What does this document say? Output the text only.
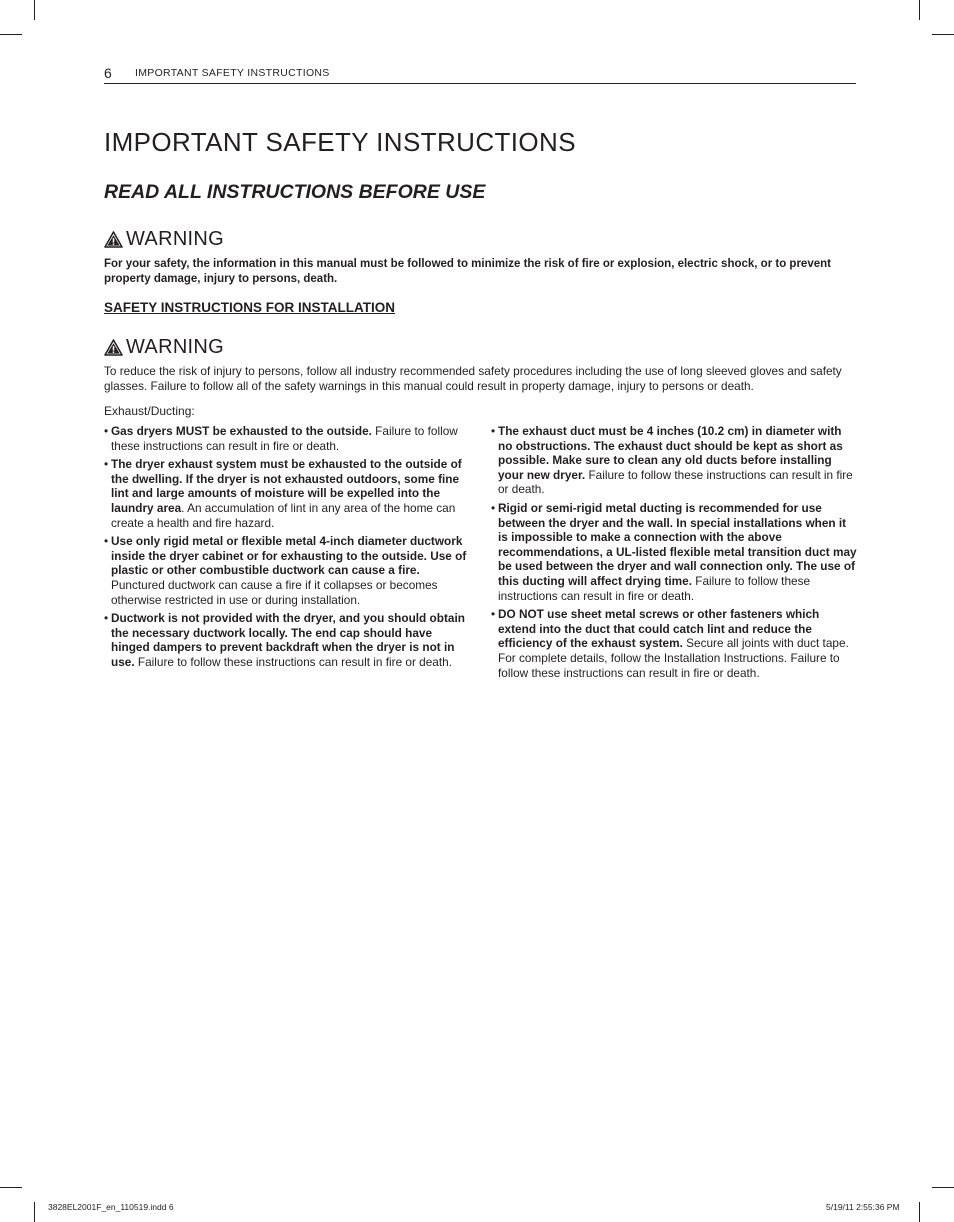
6 IMPORTANT SAFETY INSTRUCTIONS
IMPORTANT SAFETY INSTRUCTIONS
READ ALL INSTRUCTIONS BEFORE USE
WARNING

For your safety, the information in this manual must be followed to minimize the risk of fire or explosion, electric shock, or to prevent property damage, injury to persons, death.

SAFETY INSTRUCTIONS FOR INSTALLATION

WARNING

To reduce the risk of injury to persons, follow all industry recommended safety procedures including the use of long sleeved gloves and safety glasses. Failure to follow all of the safety warnings in this manual could result in property damage, injury to persons or death.

Exhaust/Ducting:

• Gas dryers MUST be exhausted to the outside. Failure to follow these instructions can result in fire or death.
• The dryer exhaust system must be exhausted to the outside of the dwelling. If the dryer is not exhausted outdoors, some fine lint and large amounts of moisture will be expelled into the laundry area. An accumulation of lint in any area of the home can create a health and fire hazard.
• Use only rigid metal or flexible metal 4-inch diameter ductwork inside the dryer cabinet or for exhausting to the outside. Use of plastic or other combustible ductwork can cause a fire. Punctured ductwork can cause a fire if it collapses or becomes otherwise restricted in use or during installation.
• Ductwork is not provided with the dryer, and you should obtain the necessary ductwork locally. The end cap should have hinged dampers to prevent backdraft when the dryer is not in use. Failure to follow these instructions can result in fire or death.
• The exhaust duct must be 4 inches (10.2 cm) in diameter with no obstructions. The exhaust duct should be kept as short as possible. Make sure to clean any old ducts before installing your new dryer. Failure to follow these instructions can result in fire or death.
• Rigid or semi-rigid metal ducting is recommended for use between the dryer and the wall. In special installations when it is impossible to make a connection with the above recommendations, a UL-listed flexible metal transition duct may be used between the dryer and wall connection only. The use of this ducting will affect drying time. Failure to follow these instructions can result in fire or death.
• DO NOT use sheet metal screws or other fasteners which extend into the duct that could catch lint and reduce the efficiency of the exhaust system. Secure all joints with duct tape. For complete details, follow the Installation Instructions. Failure to follow these instructions can result in fire or death.
3828EL2001F_en_110519.indd 6	5/19/11 2:55:36 PM
